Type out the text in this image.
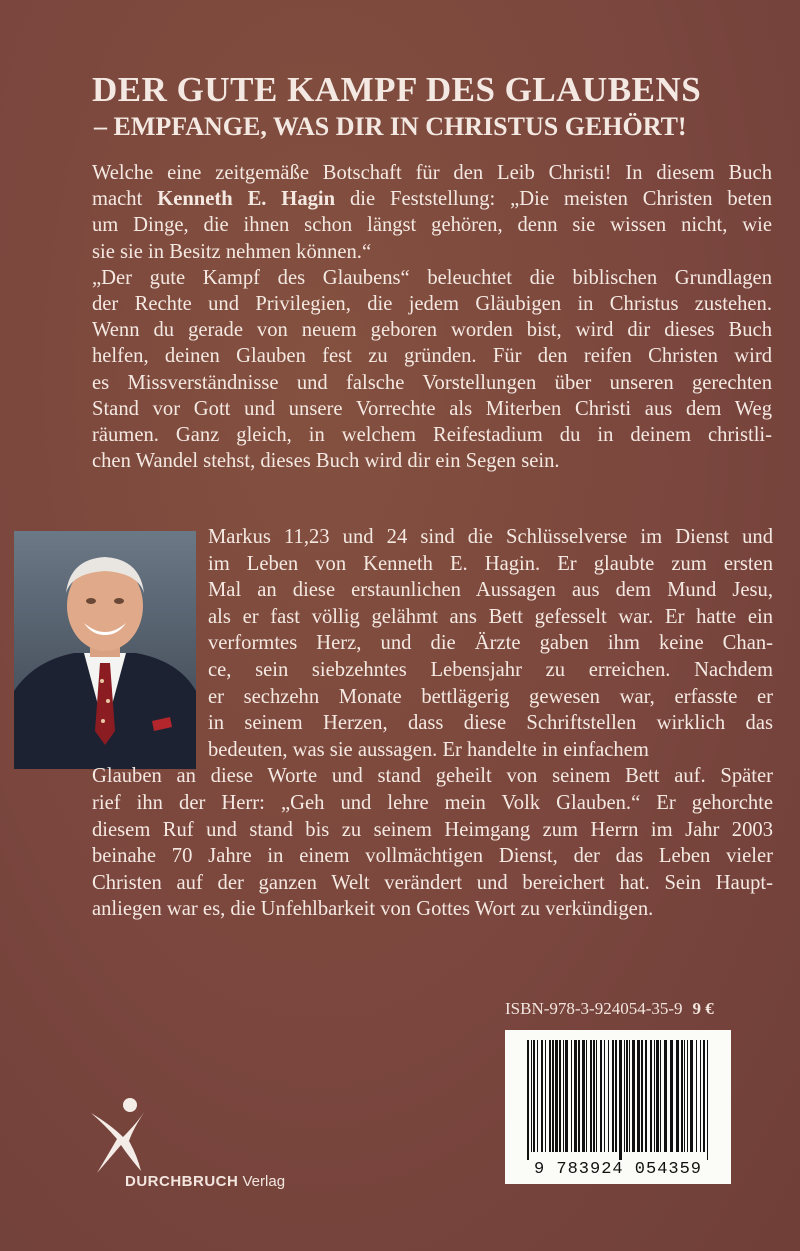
DER GUTE KAMPF DES GLAUBENS
– EMPFANGE, WAS DIR IN CHRISTUS GEHÖRT!
Welche eine zeitgemäße Botschaft für den Leib Christi! In diesem Buch
macht Kenneth E. Hagin die Feststellung: „Die meisten Christen beten
um Dinge, die ihnen schon längst gehören, denn sie wissen nicht, wie
sie sie in Besitz nehmen können.“
„Der gute Kampf des Glaubens“ beleuchtet die biblischen Grundlagen
der Rechte und Privilegien, die jedem Gläubigen in Christus zustehen.
Wenn du gerade von neuem geboren worden bist, wird dir dieses Buch
helfen, deinen Glauben fest zu gründen. Für den reifen Christen wird
es Missverständnisse und falsche Vorstellungen über unseren gerechten
Stand vor Gott und unsere Vorrechte als Miterben Christi aus dem Weg
räumen. Ganz gleich, in welchem Reifestadium du in deinem christli-
chen Wandel stehst, dieses Buch wird dir ein Segen sein.
Markus 11,23 und 24 sind die Schlüsselverse im Dienst und
im Leben von Kenneth E. Hagin. Er glaubte zum ersten
Mal an diese erstaunlichen Aussagen aus dem Mund Jesu,
als er fast völlig gelähmt ans Bett gefesselt war. Er hatte ein
verformtes Herz, und die Ärzte gaben ihm keine Chan-
ce, sein siebzehntes Lebensjahr zu erreichen. Nachdem
er sechzehn Monate bettlägerig gewesen war, erfasste er
in seinem Herzen, dass diese Schriftstellen wirklich das
bedeuten, was sie aussagen. Er handelte in einfachem
Glauben an diese Worte und stand geheilt von seinem Bett auf. Später
rief ihn der Herr: „Geh und lehre mein Volk Glauben.“ Er gehorchte
diesem Ruf und stand bis zu seinem Heimgang zum Herrn im Jahr 2003
beinahe 70 Jahre in einem vollmächtigen Dienst, der das Leben vieler
Christen auf der ganzen Welt verändert und bereichert hat. Sein Haupt-
anliegen war es, die Unfehlbarkeit von Gottes Wort zu verkündigen.
ISBN-978-3-924054-35-9 9 €
9 783924 054359
DURCHBRUCH Verlag
